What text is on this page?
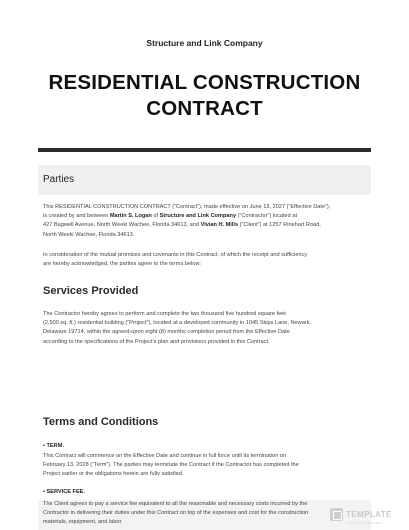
Structure and Link Company
RESIDENTIAL CONSTRUCTION CONTRACT
Parties
This RESIDENTIAL CONSTRUCTION CONTRACT (“Contract”), made effective on June 13, 2027 (“Effective Date”),
is created by and between Martin S. Logan of Structure and Link Company (“Contractor”) located at
427 Bagwell Avenue, North Weeki Wachee, Florida 34613, and Vivian H. Mills (“Client”) at 1257 Rinehart Road,
North Weeki Wachee, Florida 34613.
In consideration of the mutual promises and covenants in this Contract, of which the receipt and sufficiency
are hereby acknowledged, the parties agree to the terms below:
Services Provided
The Contractor hereby agrees to perform and complete the two thousand five hundred square feet
(2,500 sq. ft.) residential building (“Project”), located at a developed community in 1045 Skips Lane, Newark,
Delaware 19714, within the agreed-upon eight (8) months completion period from the Effective Date
according to the specifications of the Project’s plan and provisions provided in this Contract.
Terms and Conditions
• TERM.
This Contract will commence on the Effective Date and continue in full force until its termination on
February 13, 2028 (“Term”). The parties may terminate the Contract if the Contractor has completed the
Project earlier or the obligations herein are fully satisfied.
• SERVICE FEE.
The Client agrees to pay a service fee equivalent to all the reasonable and necessary costs incurred by the
Contractor in delivering their duties under this Contract on top of the expenses and cost for the construction
materials, equipment, and labor.
TEMPLATE
www.template.net
